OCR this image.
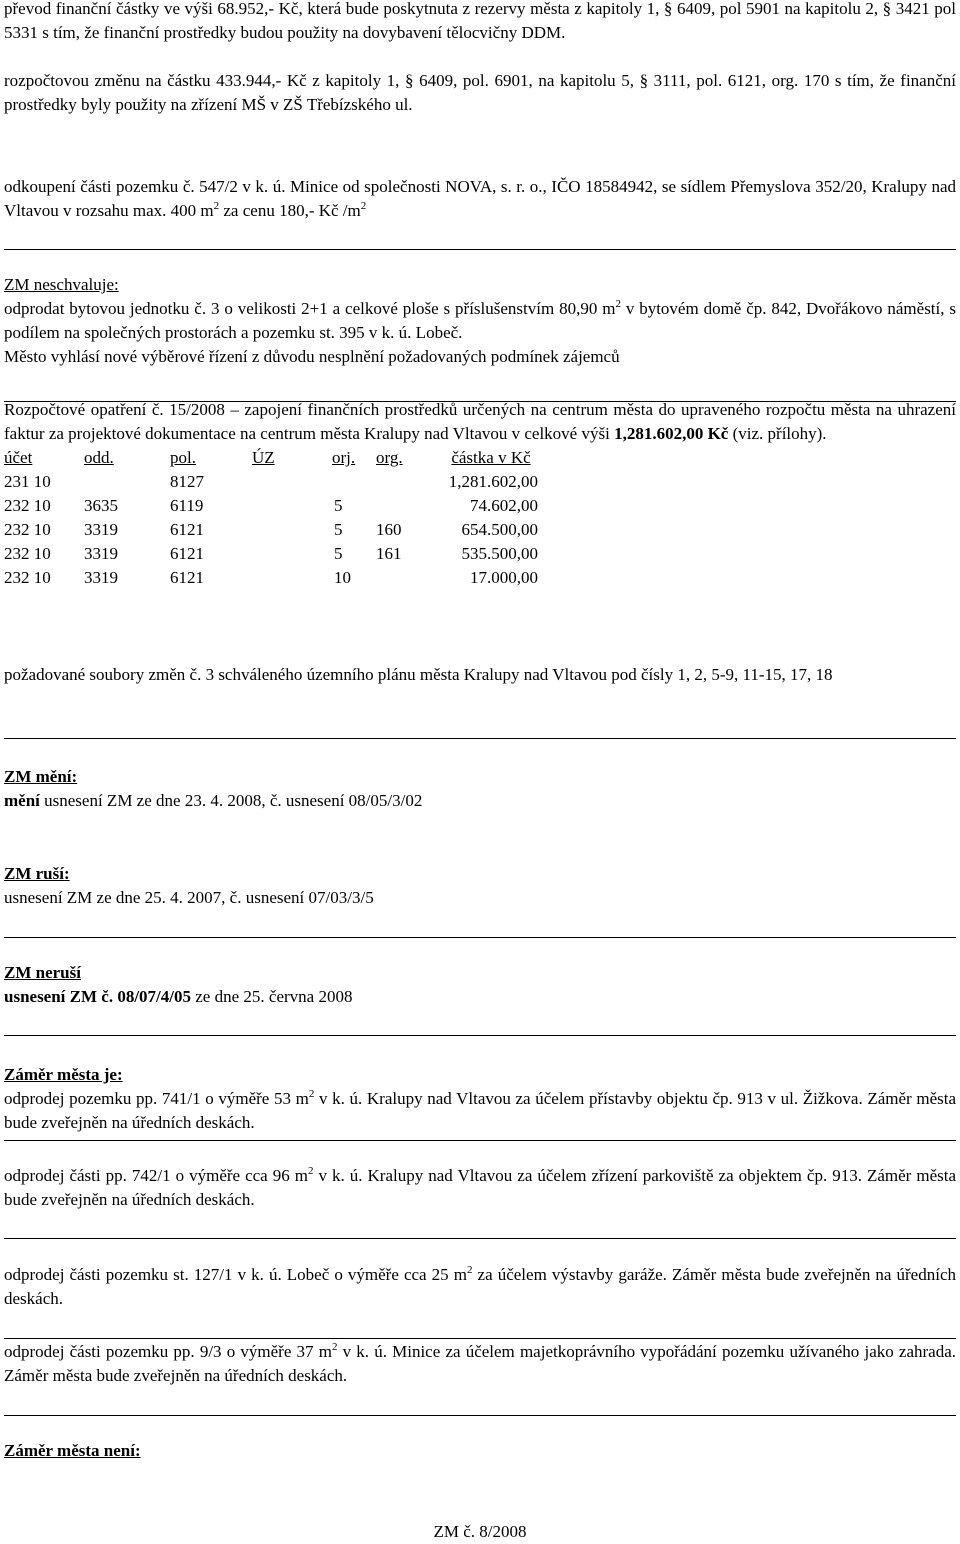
převod finanční částky ve výši 68.952,- Kč, která bude poskytnuta z rezervy města z kapitoly 1, § 6409, pol 5901 na kapitolu 2, § 3421 pol 5331 s tím, že finanční prostředky budou použity na dovybavení tělocvičny DDM.

rozpočtovou změnu na částku 433.944,- Kč z kapitoly 1, § 6409, pol. 6901, na kapitolu 5, § 3111, pol. 6121, org. 170 s tím, že finanční prostředky byly použity na zřízení MŠ v ZŠ Třebízského ul.

odkoupení části pozemku č. 547/2 v k. ú. Minice od společnosti NOVA, s. r. o., IČO 18584942, se sídlem Přemyslova 352/20, Kralupy nad Vltavou v rozsahu max. 400 $m^2$ za cenu 180,- Kč $/m^2$

ZM neschvaluje:

odprodat bytovou jednotku č. 3 o velikosti 2+1 a celkové ploše s příslušenstvím 80,90 $m^2$ v bytovém domě čp. 842, Dvořákovo náměstí, s podílem na společných prostorách a pozemku st. 395 v k. ú. Lobeč.

Město vyhlásí nové výběrové řízení z důvodu nesplnění požadovaných podmínek zájemců

Rozpočtové opatření č. 15/2008 – zapojení finančních prostředků určených na centrum města do upraveného rozpočtu města na uhrazení faktur za projektové dokumentace na centrum města Kralupy nad Vltavou v celkové výši 1,281.602,00 Kč (viz. přílohy).

účet	odd.	pol.	ÚZ	orj.	org.	částka v Kč
231 10		8127				1,281.602,00
232 10	3635	6119		5		74.602,00
232 10	3319	6121		5	160	654.500,00
232 10	3319	6121		5	161	535.500,00
232 10	3319	6121		10		17.000,00

požadované soubory změn č. 3 schváleného územního plánu města Kralupy nad Vltavou pod čísly 1, 2, 5-9, 11-15, 17, 18

ZM mění:
mění usnesení ZM ze dne 23. 4. 2008, č. usnesení 08/05/3/02
ZM ruší:
usnesení ZM ze dne 25. 4. 2007, č. usnesení 07/03/3/5
ZM neruší
usnesení ZM č. 08/07/4/05 ze dne 25. června 2008
Záměr města je:

odprodej pozemku pp. 741/1 o výměře 53 $m^2$ v k. ú. Kralupy nad Vltavou za účelem přístavby objektu čp. 913 v ul. Žižkova. Záměr města bude zveřejněn na úředních deskách.

odprodej části pp. 742/1 o výměře cca 96 $m^2$ v k. ú. Kralupy nad Vltavou za účelem zřízení parkoviště za objektem čp. 913. Záměr města bude zveřejněn na úředních deskách.

odprodej části pozemku st. 127/1 v k. ú. Lobeč o výměře cca 25 $m^2$ za účelem výstavby garáže. Záměr města bude zveřejněn na úředních deskách.

odprodej části pozemku pp. 9/3 o výměře 37 $m^2$ v k. ú. Minice za účelem majetkoprávního vypořádání pozemku užívaného jako zahrada. Záměr města bude zveřejněn na úředních deskách.

Záměr města není:
ZM č. 8/2008
